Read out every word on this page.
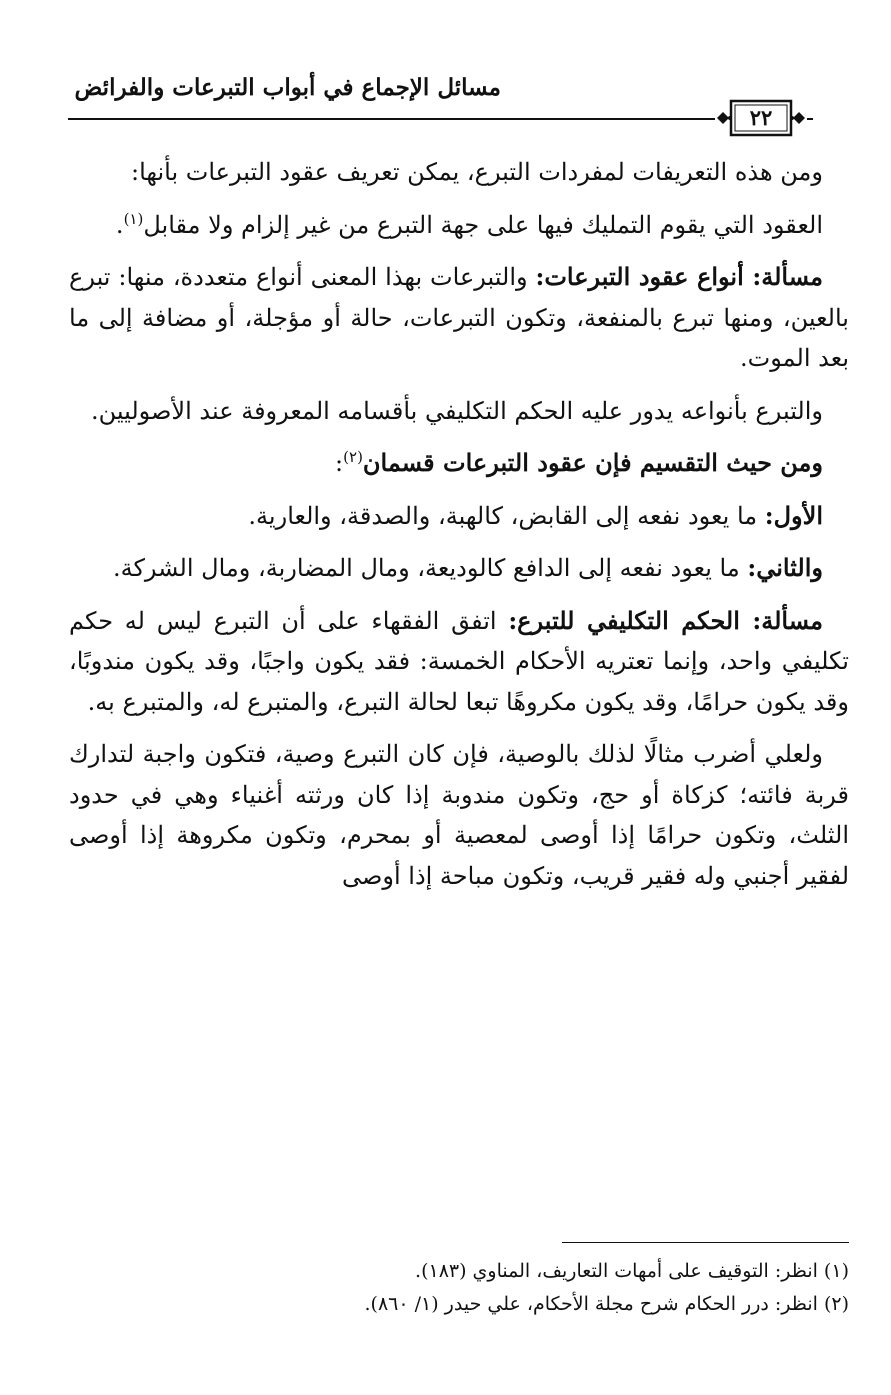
مسائل الإجماع في أبواب التبرعات والفرائض
٢٢

ومن هذه التعريفات لمفردات التبرع، يمكن تعريف عقود التبرعات بأنها:

العقود التي يقوم التمليك فيها على جهة التبرع من غير إلزام ولا مقابل$^{(١)}$.

مسألة: أنواع عقود التبرعات: والتبرعات بهذا المعنى أنواع متعددة، منها: تبرع بالعين، ومنها تبرع بالمنفعة، وتكون التبرعات، حالة أو مؤجلة، أو مضافة إلى ما بعد الموت.

والتبرع بأنواعه يدور عليه الحكم التكليفي بأقسامه المعروفة عند الأصوليين.

ومن حيث التقسيم فإن عقود التبرعات قسمان$^{(٢)}$:

الأول: ما يعود نفعه إلى القابض، كالهبة، والصدقة، والعارية.

والثاني: ما يعود نفعه إلى الدافع كالوديعة، ومال المضاربة، ومال الشركة.

مسألة: الحكم التكليفي للتبرع: اتفق الفقهاء على أن التبرع ليس له حكم تكليفي واحد، وإنما تعتريه الأحكام الخمسة: فقد يكون واجبًا، وقد يكون مندوبًا، وقد يكون حرامًا، وقد يكون مكروهًا تبعا لحالة التبرع، والمتبرع له، والمتبرع به.

ولعلي أضرب مثالًا لذلك بالوصية، فإن كان التبرع وصية، فتكون واجبة لتدارك قربة فائته؛ كزكاة أو حج، وتكون مندوبة إذا كان ورثته أغنياء وهي في حدود الثلث، وتكون حرامًا إذا أوصى لمعصية أو بمحرم، وتكون مكروهة إذا أوصى لفقير أجنبي وله فقير قريب، وتكون مباحة إذا أوصى

(١) انظر: التوقيف على أمهات التعاريف، المناوي (١٨٣).

(٢) انظر: درر الحكام شرح مجلة الأحكام، علي حيدر (١/ ٨٦٠).
